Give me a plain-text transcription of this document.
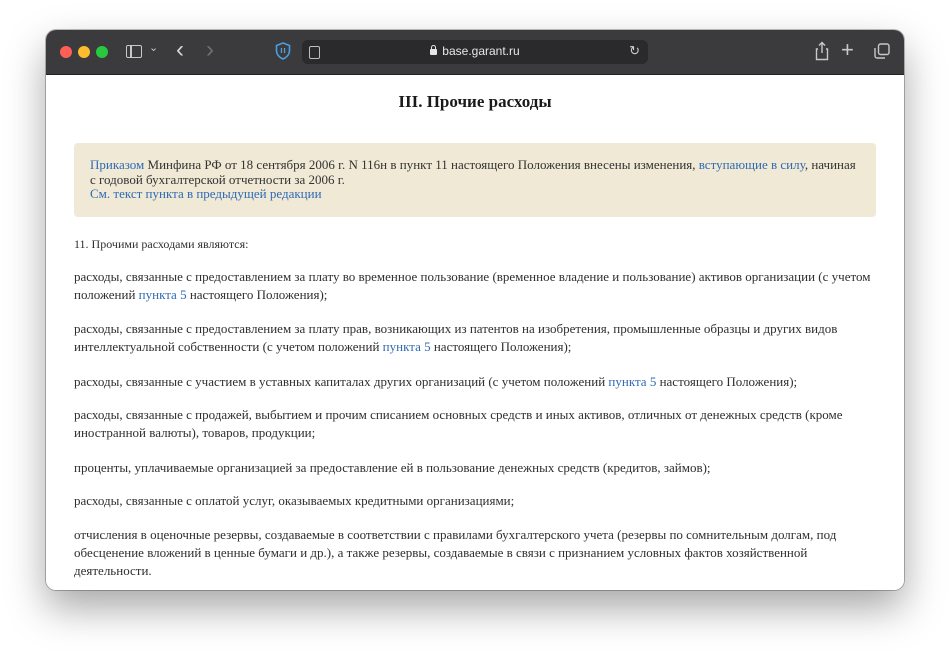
⌄ ‹ ›	base.garant.ru	↻	+
III. Прочие расходы
Приказом Минфина РФ от 18 сентября 2006 г. N 116н в пункт 11 настоящего Положения внесены изменения, вступающие в силу, начиная с годовой бухгалтерской отчетности за 2006 г.
См. текст пункта в предыдущей редакции
11. Прочими расходами являются:
расходы, связанные с предоставлением за плату во временное пользование (временное владение и пользование) активов организации (с учетом положений пункта 5 настоящего Положения);
расходы, связанные с предоставлением за плату прав, возникающих из патентов на изобретения, промышленные образцы и других видов интеллектуальной собственности (с учетом положений пункта 5 настоящего Положения);
расходы, связанные с участием в уставных капиталах других организаций (с учетом положений пункта 5 настоящего Положения);
расходы, связанные с продажей, выбытием и прочим списанием основных средств и иных активов, отличных от денежных средств (кроме иностранной валюты), товаров, продукции;
проценты, уплачиваемые организацией за предоставление ей в пользование денежных средств (кредитов, займов);
расходы, связанные с оплатой услуг, оказываемых кредитными организациями;
отчисления в оценочные резервы, создаваемые в соответствии с правилами бухгалтерского учета (резервы по сомнительным долгам, под обесценение вложений в ценные бумаги и др.), а также резервы, создаваемые в связи с признанием условных фактов хозяйственной деятельности.
